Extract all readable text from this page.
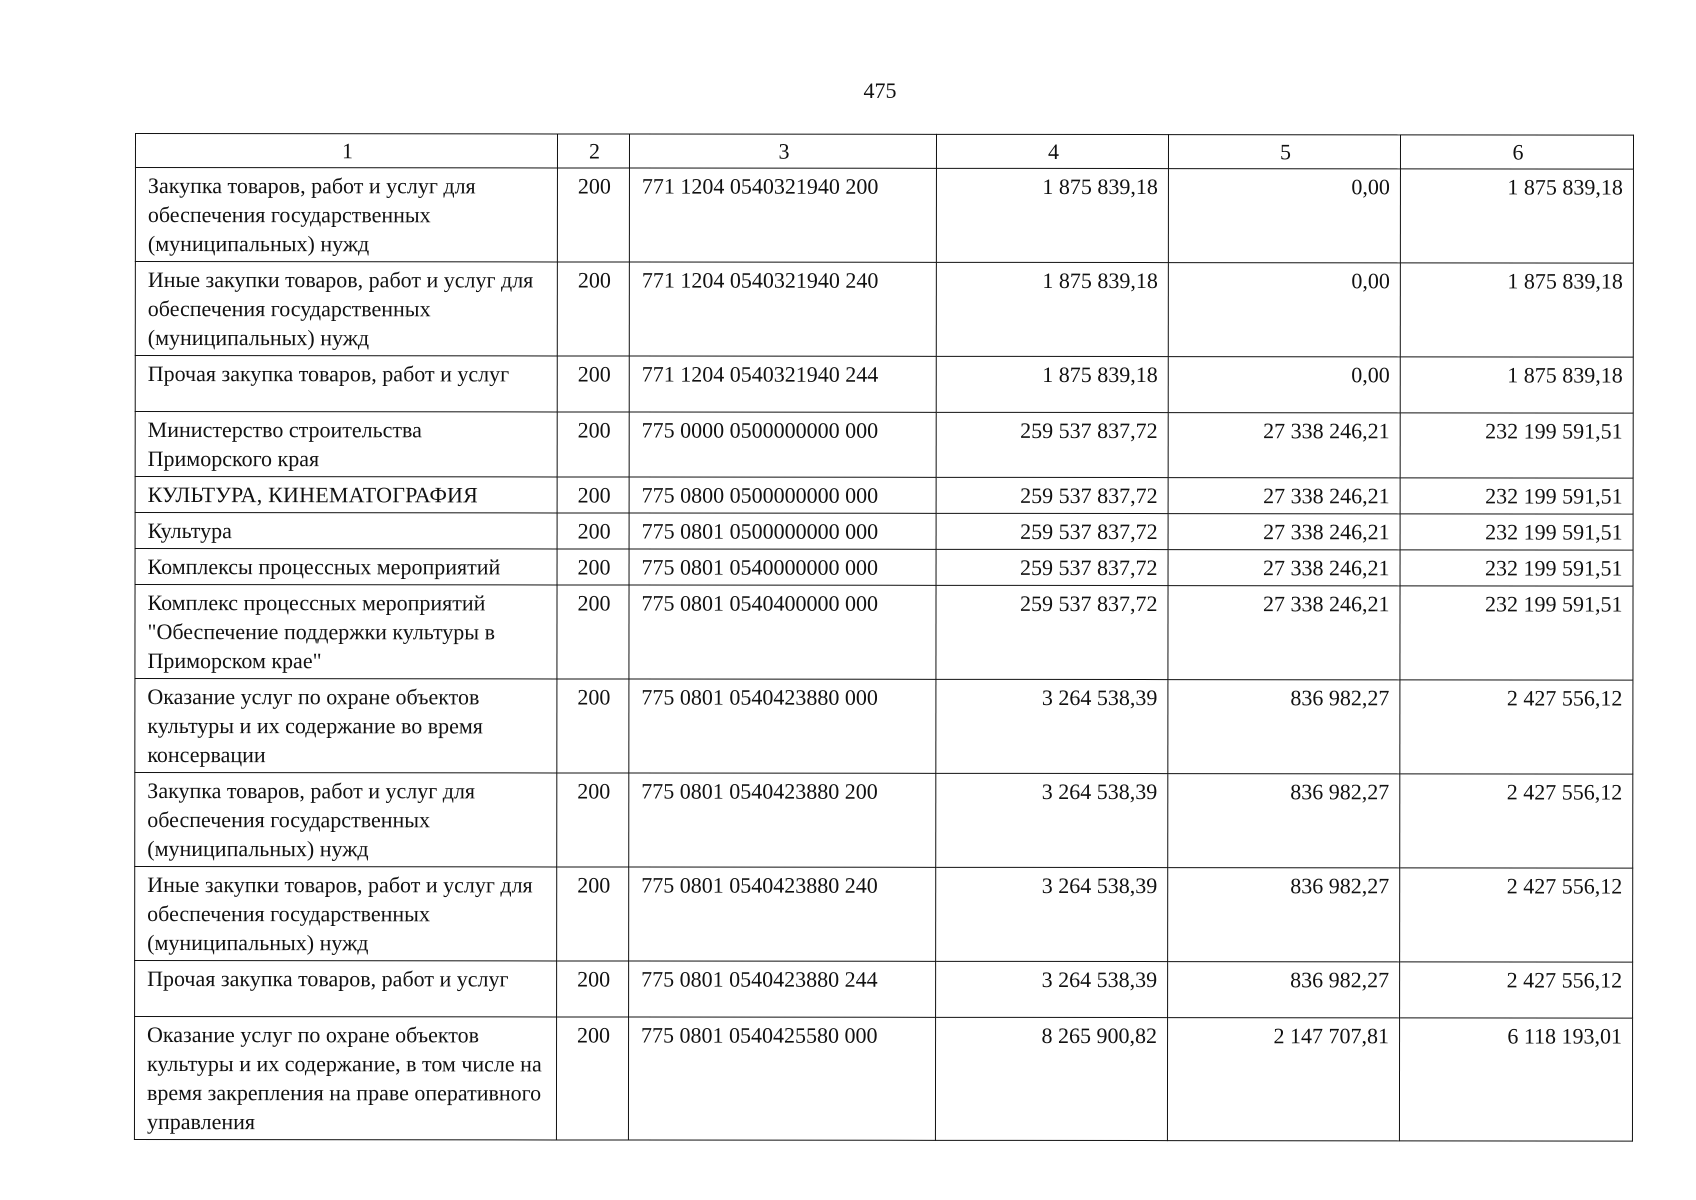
475
1	2	3	4	5	6
Закупка товаров, работ и услуг для обеспечения государственных (муниципальных) нужд	200	771 1204 0540321940 200	1 875 839,18	0,00	1 875 839,18
Иные закупки товаров, работ и услуг для обеспечения государственных (муниципальных) нужд	200	771 1204 0540321940 240	1 875 839,18	0,00	1 875 839,18
Прочая закупка товаров, работ и услуг	200	771 1204 0540321940 244	1 875 839,18	0,00	1 875 839,18
Министерство строительства Приморского края	200	775 0000 0500000000 000	259 537 837,72	27 338 246,21	232 199 591,51
КУЛЬТУРА, КИНЕМАТОГРАФИЯ	200	775 0800 0500000000 000	259 537 837,72	27 338 246,21	232 199 591,51
Культура	200	775 0801 0500000000 000	259 537 837,72	27 338 246,21	232 199 591,51
Комплексы процессных мероприятий	200	775 0801 0540000000 000	259 537 837,72	27 338 246,21	232 199 591,51
Комплекс процессных мероприятий "Обеспечение поддержки культуры в Приморском крае"	200	775 0801 0540400000 000	259 537 837,72	27 338 246,21	232 199 591,51
Оказание услуг по охране объектов культуры и их содержание во время консервации	200	775 0801 0540423880 000	3 264 538,39	836 982,27	2 427 556,12
Закупка товаров, работ и услуг для обеспечения государственных (муниципальных) нужд	200	775 0801 0540423880 200	3 264 538,39	836 982,27	2 427 556,12
Иные закупки товаров, работ и услуг для обеспечения государственных (муниципальных) нужд	200	775 0801 0540423880 240	3 264 538,39	836 982,27	2 427 556,12
Прочая закупка товаров, работ и услуг	200	775 0801 0540423880 244	3 264 538,39	836 982,27	2 427 556,12
Оказание услуг по охране объектов культуры и их содержание, в том числе на время закрепления на праве оперативного управления	200	775 0801 0540425580 000	8 265 900,82	2 147 707,81	6 118 193,01
